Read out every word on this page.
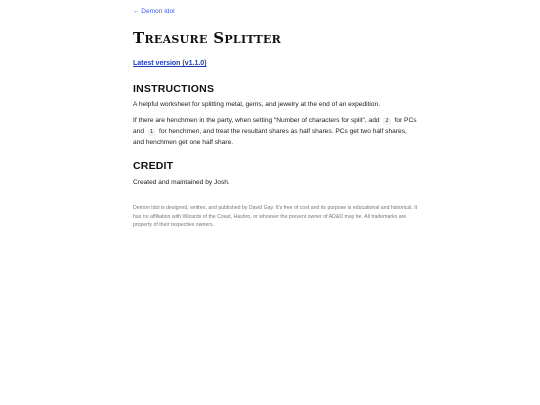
← Demon Idol
Treasure Splitter
Latest version (v1.1.0)
INSTRUCTIONS

A helpful worksheet for splitting metal, gems, and jewelry at the end of an expedition.

If there are henchmen in the party, when setting “Number of characters for split”, add 2 for PCs and 1 for henchmen, and treat the resultant shares as half shares. PCs get two half shares, and henchmen get one half share.

CREDIT

Created and maintained by Josh.

Demon Idol is designed, written, and published by David Gay. It’s free of cost and its purpose is educational and historical. It has no affiliation with Wizards of the Coast, Hasbro, or whoever the present owner of AD&D may be. All trademarks are property of their respective owners.
